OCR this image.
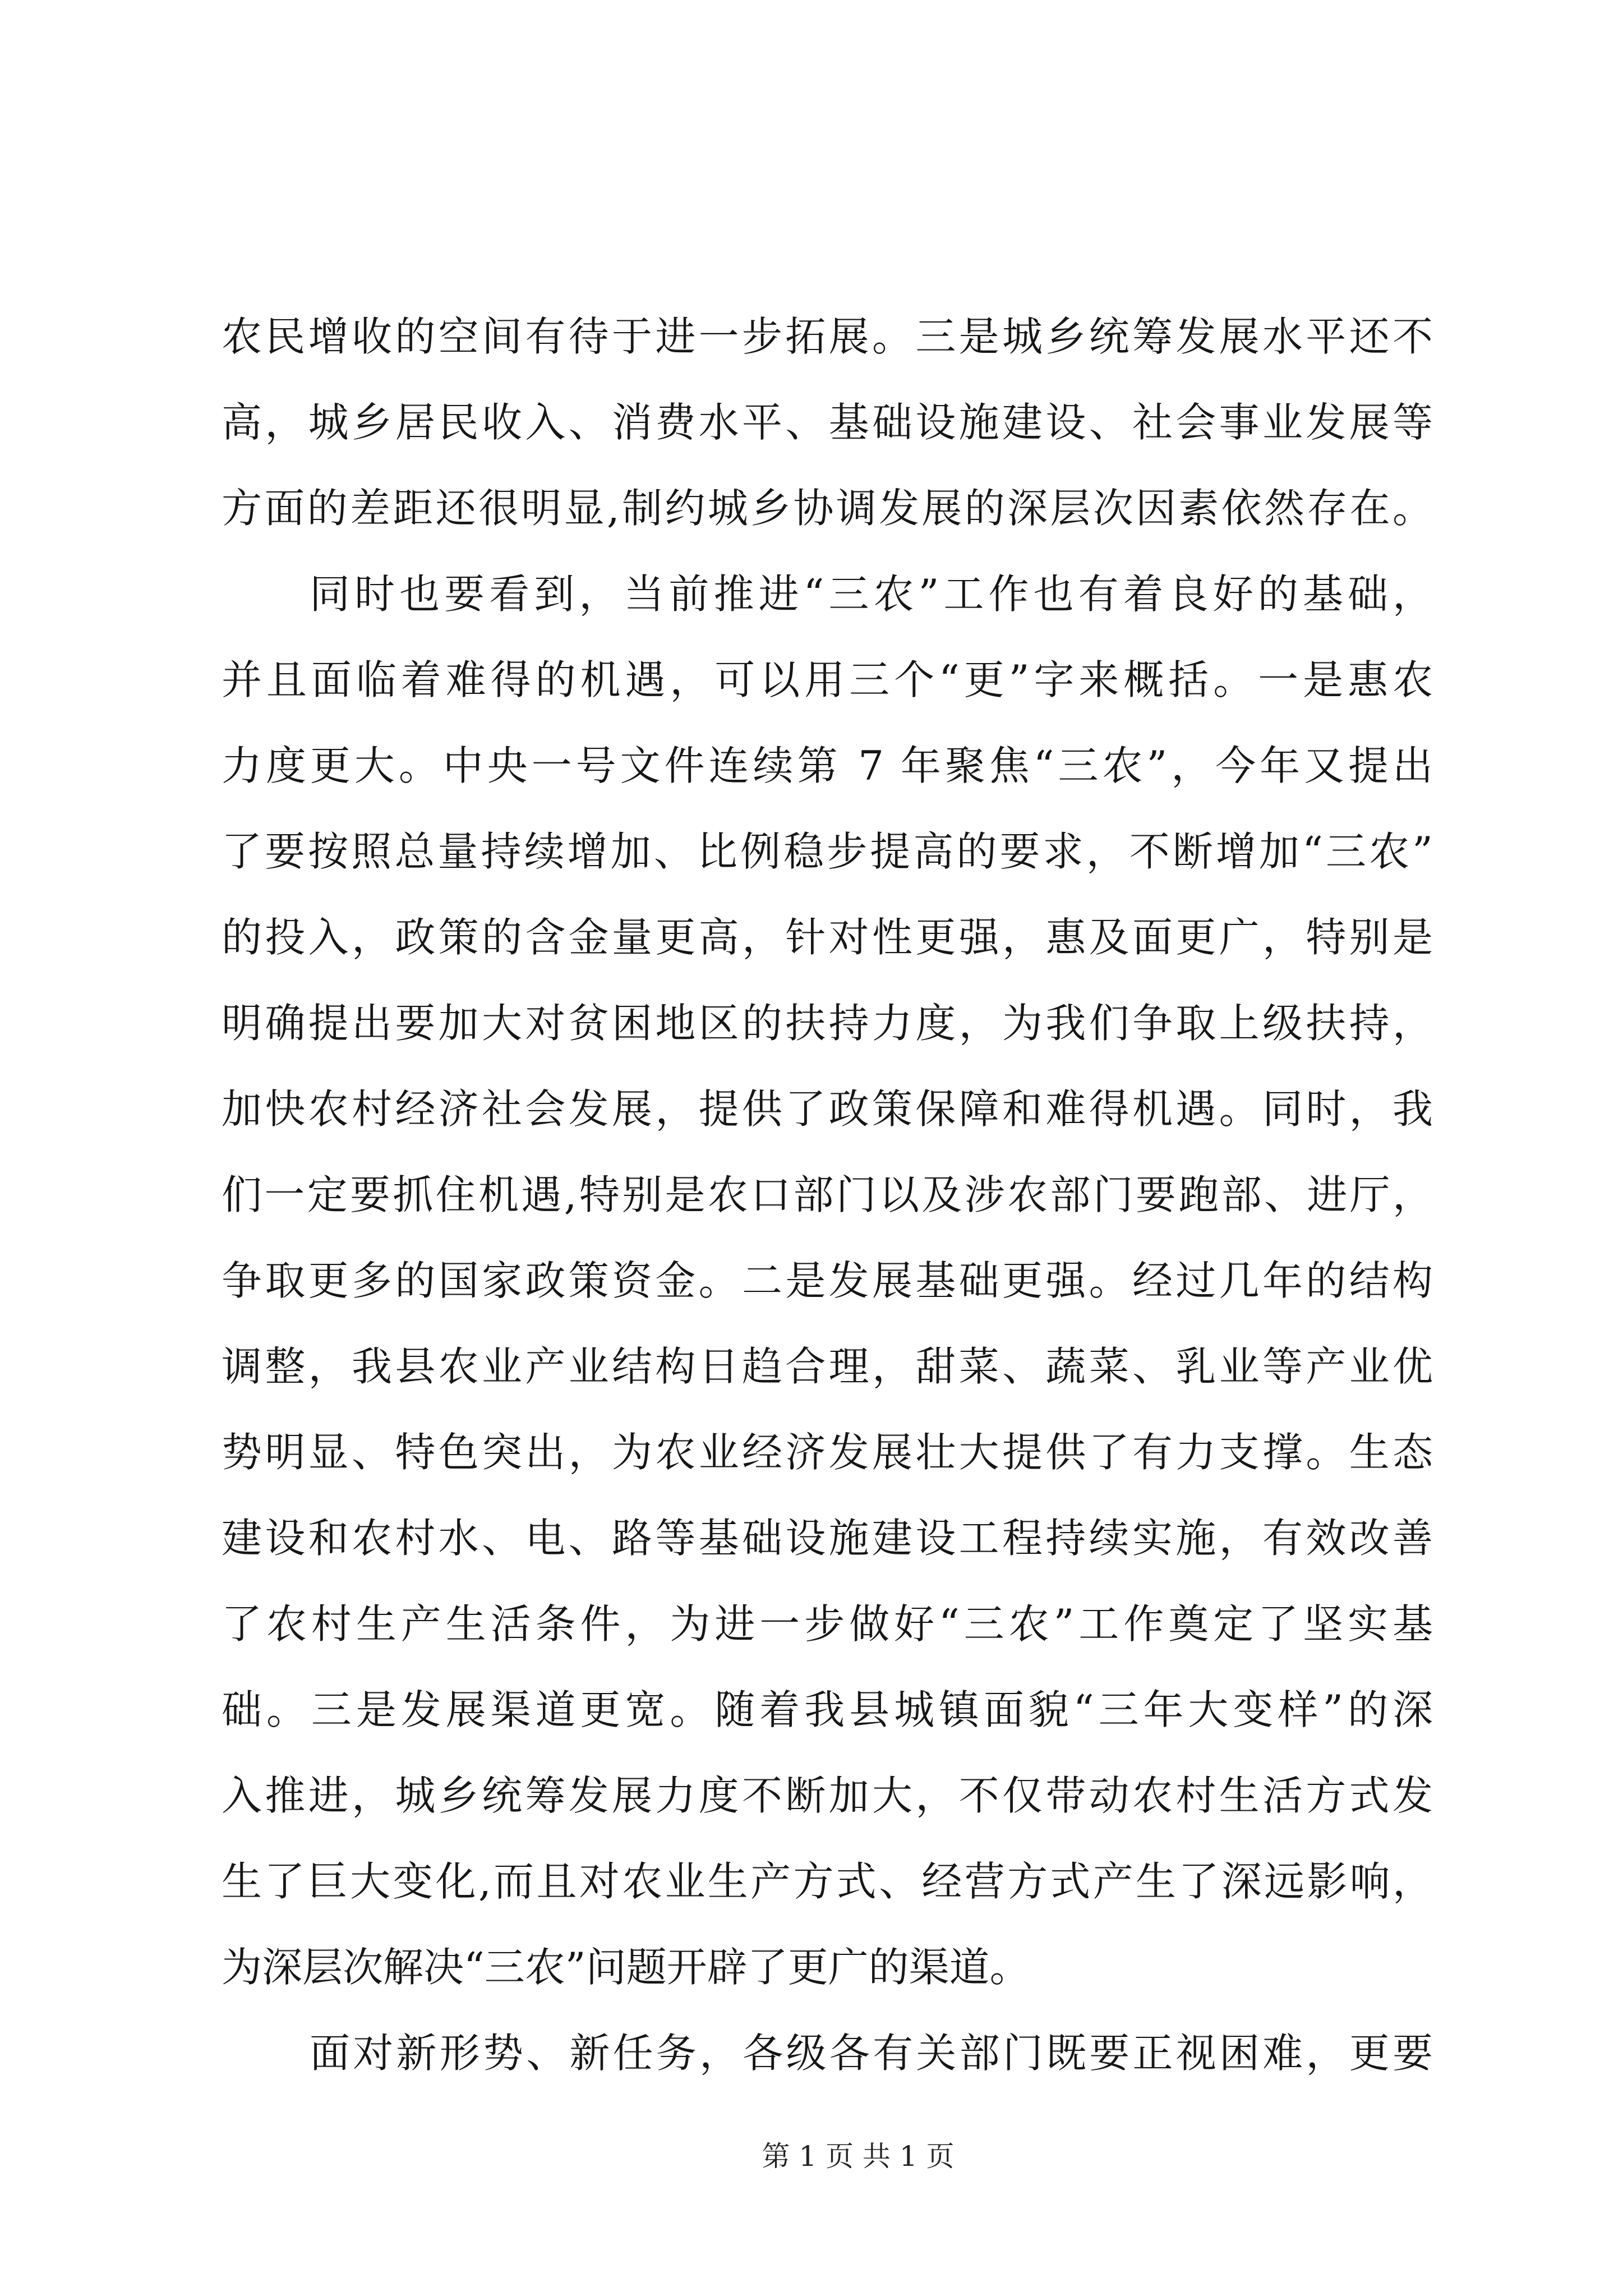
农民增收的空间有待于进一步拓展。三是城乡统筹发展水平还不
高，城乡居民收入、消费水平、基础设施建设、社会事业发展等
方面的差距还很明显,制约城乡协调发展的深层次因素依然存在。
同时也要看到，当前推进“三农”工作也有着良好的基础，
并且面临着难得的机遇，可以用三个“更”字来概括。一是惠农
力度更大。中央一号文件连续第 7 年聚焦“三农”，今年又提出
了要按照总量持续增加、比例稳步提高的要求，不断增加“三农”
的投入，政策的含金量更高，针对性更强，惠及面更广，特别是
明确提出要加大对贫困地区的扶持力度，为我们争取上级扶持，
加快农村经济社会发展，提供了政策保障和难得机遇。同时，我
们一定要抓住机遇,特别是农口部门以及涉农部门要跑部、进厅，
争取更多的国家政策资金。二是发展基础更强。经过几年的结构
调整，我县农业产业结构日趋合理，甜菜、蔬菜、乳业等产业优
势明显、特色突出，为农业经济发展壮大提供了有力支撑。生态
建设和农村水、电、路等基础设施建设工程持续实施，有效改善
了农村生产生活条件，为进一步做好“三农”工作奠定了坚实基
础。三是发展渠道更宽。随着我县城镇面貌“三年大变样”的深
入推进，城乡统筹发展力度不断加大，不仅带动农村生活方式发
生了巨大变化,而且对农业生产方式、经营方式产生了深远影响，
为深层次解决“三农”问题开辟了更广的渠道。
面对新形势、新任务，各级各有关部门既要正视困难，更要
第 1 页 共 1 页
